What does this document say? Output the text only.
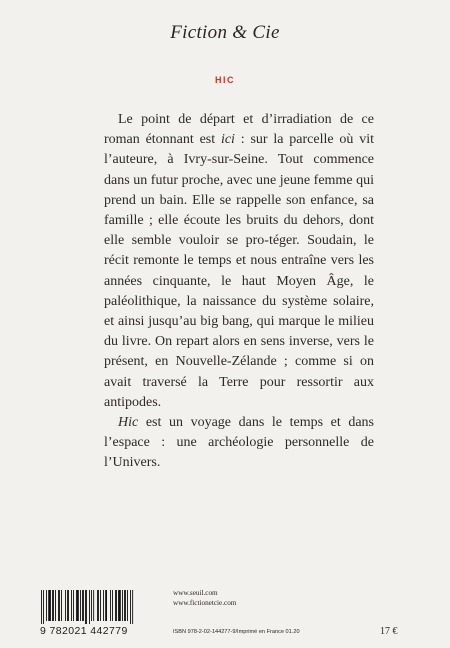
Fiction & Cie
HIC

Le point de départ et d’irradiation de ce roman étonnant est ici : sur la parcelle où vit l’auteure, à Ivry-sur-Seine. Tout commence dans un futur proche, avec une jeune femme qui prend un bain. Elle se rappelle son enfance, sa famille ; elle écoute les bruits du dehors, dont elle semble vouloir se pro-téger. Soudain, le récit remonte le temps et nous entraîne vers les années cinquante, le haut Moyen Âge, le paléolithique, la naissance du système solaire, et ainsi jusqu’au big bang, qui marque le milieu du livre. On repart alors en sens inverse, vers le présent, en Nouvelle-Zélande ; comme si on avait traversé la Terre pour ressortir aux antipodes.

Hic est un voyage dans le temps et dans l’espace : une archéologie personnelle de l’Univers.

9 782021 442779
www.seuil.com
www.fictionetcie.com
ISBN 978-2-02-144277-9/Imprimé en France 01.20	17 €
